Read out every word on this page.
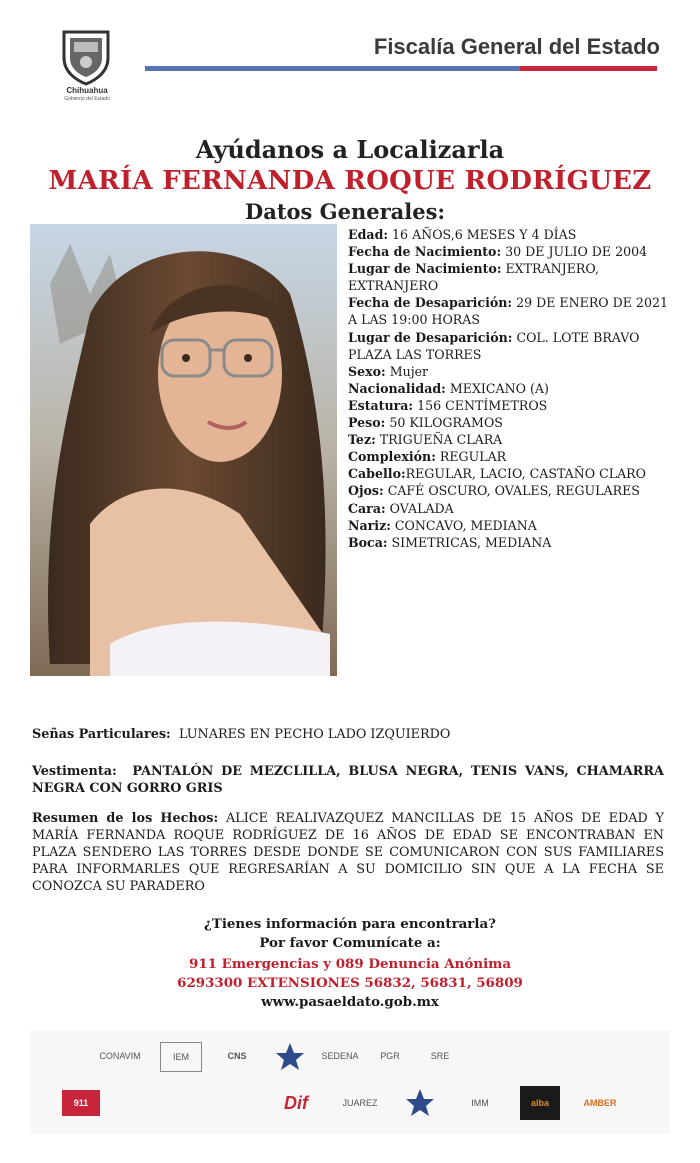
Chihuahua
Gobierno del Estado
Fiscalía General del Estado
Ayúdanos a Localizarla
MARÍA FERNANDA ROQUE RODRÍGUEZ
Datos Generales:
Edad: 16 AÑOS,6 MESES Y 4 DÍAS
Fecha de Nacimiento: 30 DE JULIO DE 2004
Lugar de Nacimiento: EXTRANJERO, EXTRANJERO
Fecha de Desaparición: 29 DE ENERO DE 2021 A LAS 19:00 HORAS
Lugar de Desaparición: COL. LOTE BRAVO PLAZA LAS TORRES
Sexo: Mujer
Nacionalidad: MEXICANO (A)
Estatura: 156 CENTÍMETROS
Peso: 50 KILOGRAMOS
Tez: TRIGUEÑA CLARA
Complexión: REGULAR
Cabello:REGULAR, LACIO, CASTAÑO CLARO
Ojos: CAFÉ OSCURO, OVALES, REGULARES
Cara: OVALADA
Nariz: CONCAVO, MEDIANA
Boca: SIMETRICAS, MEDIANA
Señas Particulares: LUNARES EN PECHO LADO IZQUIERDO
Vestimenta: PANTALÓN DE MEZCLILLA, BLUSA NEGRA, TENIS VANS, CHAMARRA NEGRA CON GORRO GRIS
Resumen de los Hechos: ALICE REALIVAZQUEZ MANCILLAS DE 15 AÑOS DE EDAD Y MARÍA FERNANDA ROQUE RODRÍGUEZ DE 16 AÑOS DE EDAD SE ENCONTRABAN EN PLAZA SENDERO LAS TORRES DESDE DONDE SE COMUNICARON CON SUS FAMILIARES PARA INFORMARLES QUE REGRESARÍAN A SU DOMICILIO SIN QUE A LA FECHA SE CONOZCA SU PARADERO
¿Tienes información para encontrarla?
Por favor Comunícate a:
911 Emergencias y 089 Denuncia Anónima
6293300 EXTENSIONES 56832, 56831, 56809
www.pasaeldato.gob.mx
CONAVIM	IEM	CNS	SEDENA	PGR	SRE
911	Dif	JUAREZ	IMM	alba	AMBER
